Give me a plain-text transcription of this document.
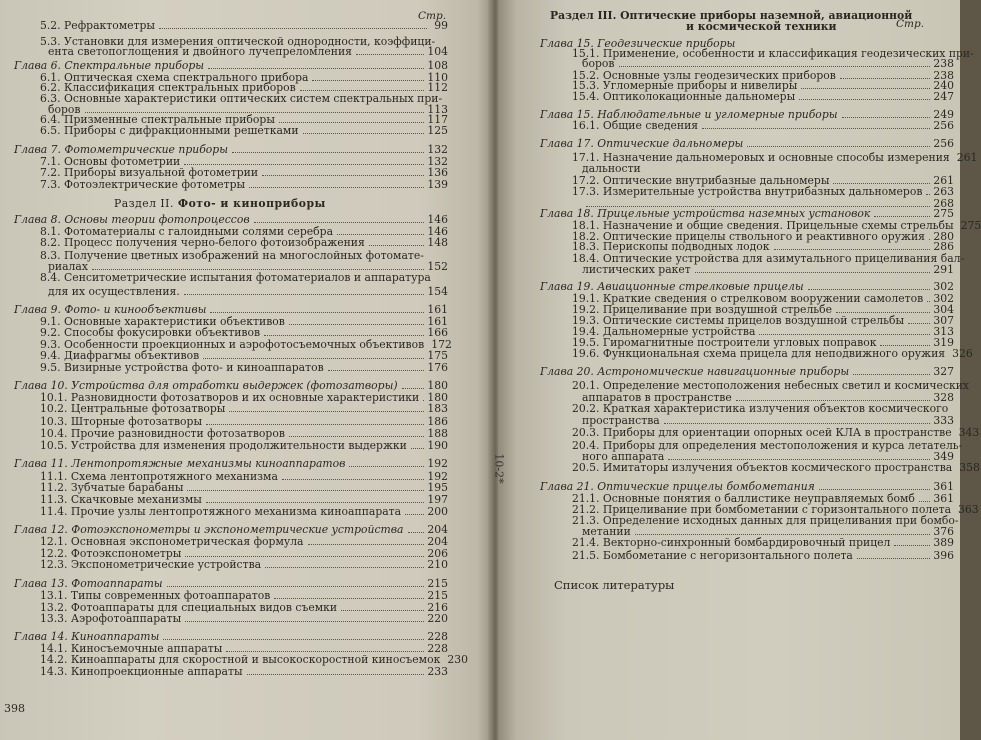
Стр.
398
5.2. Рефрактометры	99
5.3. Установки для измерения оптической однородности, коэффици-
ента светопоглощения и двойного лучепреломления	104
Глава 6. Спектральные приборы	108
6.1. Оптическая схема спектрального прибора	110
6.2. Классификация спектральных приборов	112
6.3. Основные характеристики оптических систем спектральных при-
боров	113
6.4. Призменные спектральные приборы	117
6.5. Приборы с дифракционными решетками	125
Глава 7. Фотометрические приборы	132
7.1. Основы фотометрии	132
7.2. Приборы визуальной фотометрии	136
7.3. Фотоэлектрические фотометры	139
Раздел II. Фото- и киноприборы
Глава 8. Основы теории фотопроцессов	146
8.1. Фотоматериалы с галоидными солями серебра	146
8.2. Процесс получения черно-белого фотоизображения	148
8.3. Получение цветных изображений на многослойных фотомате-
риалах	152
8.4. Сенситометрические испытания фотоматериалов и аппаратура
для их осуществления.	154
Глава 9. Фото- и кинообъективы	161
9.1. Основные характеристики объективов	161
9.2. Способы фокусировки объективов	166
9.3. Особенности проекционных и аэрофотосъемочных объективов 172
9.4. Диафрагмы объективов	175
9.5. Визирные устройства фото- и киноаппаратов	176
Глава 10. Устройства для отработки выдержек (фотозатворы)	180
10.1. Разновидности фотозатворов и их основные характеристики 180
10.2. Центральные фотозатворы	183
10.3. Шторные фотозатворы	186
10.4. Прочие разновидности фотозатворов	188
10.5. Устройства для изменения продолжительности выдержки 190
Глава 11. Лентопротяжные механизмы киноаппаратов	192
11.1. Схема лентопротяжного механизма	192
11.2. Зубчатые барабаны	195
11.3. Скачковые механизмы	197
11.4. Прочие узлы лентопротяжного механизма киноаппарата 200
Глава 12. Фотоэкспонометры и экспонометрические устройства 204
12.1. Основная экспонометрическая формула	204
12.2. Фотоэкспонометры	206
12.3. Экспонометрические устройства	210
Глава 13. Фотоаппараты	215
13.1. Типы современных фотоаппаратов	215
13.2. Фотоаппараты для специальных видов съемки	216
13.3. Аэрофотоаппараты	220
Глава 14. Киноаппараты	228
14.1. Киносъемочные аппараты	228
14.2. Киноаппараты для скоростной и высокоскоростной киносъемок 230
14.3. Кинопроекционные аппараты	233
Раздел III. Оптические приборы наземной, авиационной
и космической техники	Стр.
10-2*
Глава 15. Геодезические приборы
15.1. Применение, особенности и классификация геодезических при-
боров	238
15.2. Основные узлы геодезических приборов	238
15.3. Угломерные приборы и нивелиры	240
15.4. Оптиколокационные дальномеры	247
Глава 15. Наблюдательные и угломерные приборы	249
16.1. Общие сведения	256
Глава 17. Оптические дальномеры	256
17.1. Назначение дальномеровых и основные способы измерения 261
дальности
17.2. Оптические внутрибазные дальномеры	261
17.3. Измерительные устройства внутрибазных дальномеров 263
268
Глава 18. Прицельные устройства наземных установок	275
18.1. Назначение и общие сведения. Прицельные схемы стрельбы 275
18.2. Оптические прицелы ствольного и реактивного оружия 280
18.3. Перископы подводных лодок	286
18.4. Оптические устройства для азимутального прицеливания бал-
листических ракет	291
Глава 19. Авиационные стрелковые прицелы	302
19.1. Краткие сведения о стрелковом вооружении самолетов 302
19.2. Прицеливание при воздушной стрельбе	304
19.3. Оптические системы прицелов воздушной стрельбы	307
19.4. Дальномерные устройства	313
19.5. Гиромагнитные построители угловых поправок	319
19.6. Функциональная схема прицела для неподвижного оружия 326
Глава 20. Астрономические навигационные приборы	327
20.1. Определение местоположения небесных светил и космических
аппаратов в пространстве	328
20.2. Краткая характеристика излучения объектов космического
пространства	333
20.3. Приборы для ориентации опорных осей КЛА в пространстве 343
20.4. Приборы для определения местоположения и курса летатель-
ного аппарата	349
20.5. Имитаторы излучения объектов космического пространства 358
Глава 21. Оптические прицелы бомбометания	361
21.1. Основные понятия о баллистике неуправляемых бомб 361
21.2. Прицеливание при бомбометании с горизонтального полета 363
21.3. Определение исходных данных для прицеливания при бомбо-
метании	376
21.4. Векторно-синхронный бомбардировочный прицел	389
21.5. Бомбометание с негоризонтального полета	396
Список литературы
